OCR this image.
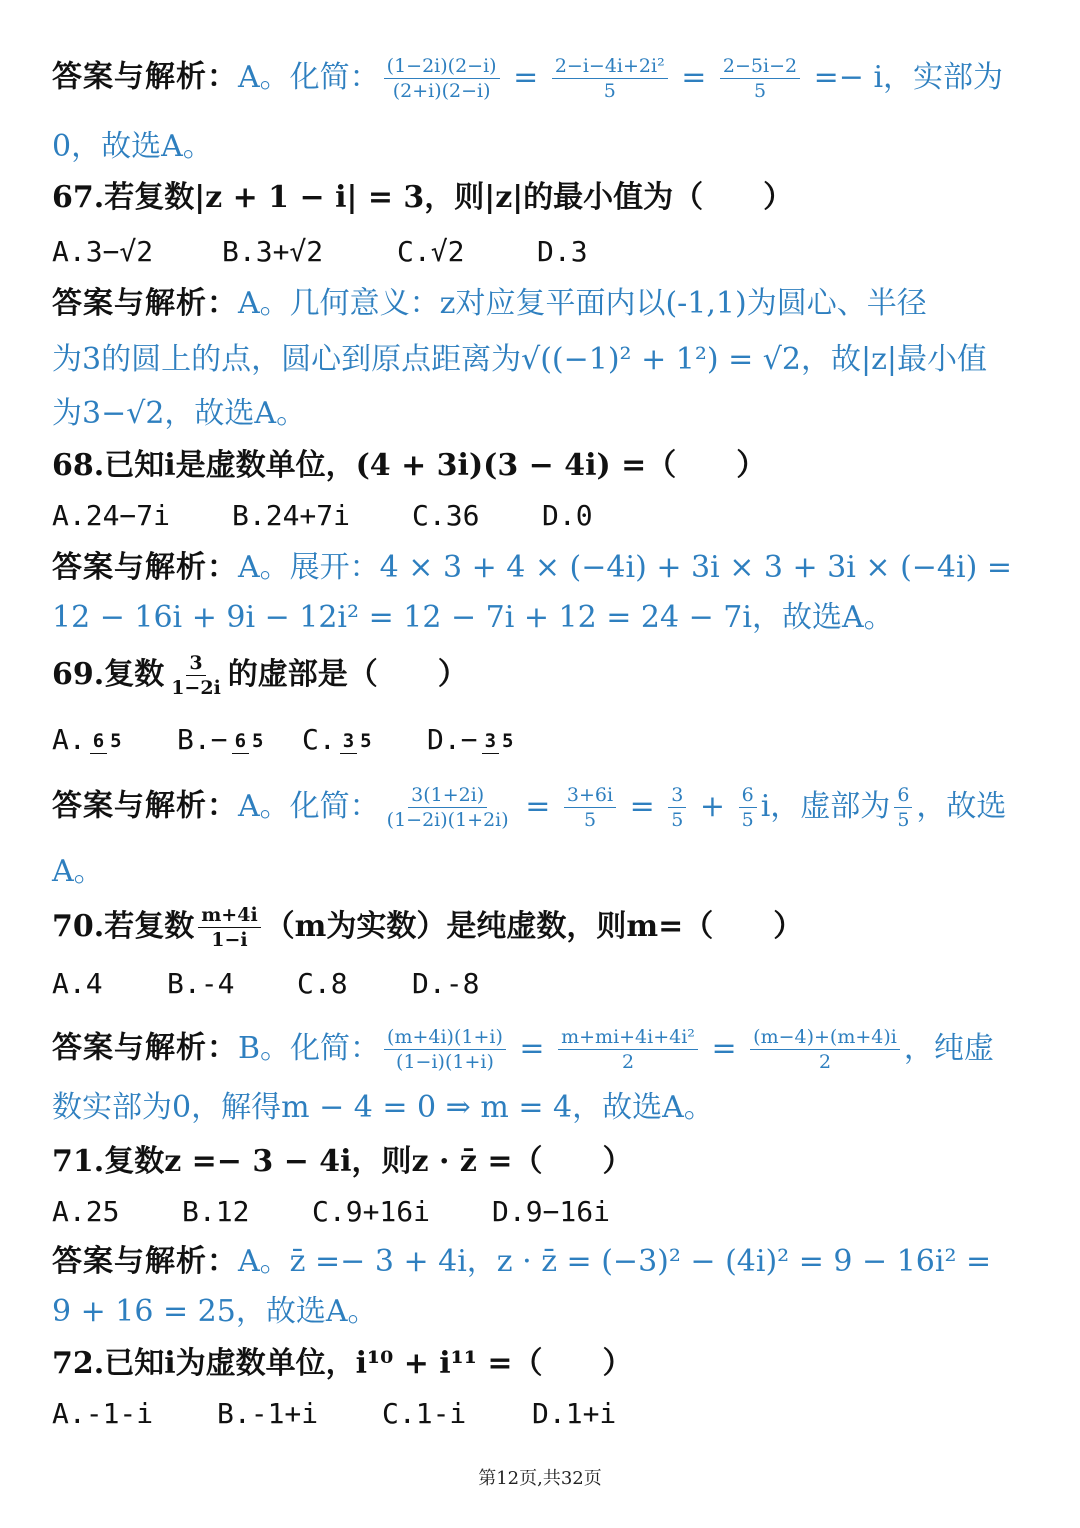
答案与解析：A。化简： $\frac{(1-2i)(2-i)}{(2+i)(2-i)} = \frac{\text{2−i−4i+2i²}}{5} = \frac{2-5i-2}{5} =- i$，实部为
0，故选A。
67.若复数|z + 1 − i| = 3，则|z|的最小值为（　　）
A.3−√2 B.3+√2	C.√2	D.3
答案与解析：A。几何意义：z对应复平面内以(-1,1)为圆心、半径
为3的圆上的点，圆心到原点距离为√((−1)² + 1²) = √2，故|z|最小值
为3−√2，故选A。
68.已知i是虚数单位，(4 + 3i)(3 − 4i) =（　　）
A.24−7i B.24+7i C.36 D.0
答案与解析：A。展开：4 × 3 + 4 × (−4i) + 3i × 3 + 3i × (−4i) =
12 − 16i + 9i − 12i² = 12 − 7i + 12 = 24 − 7i，故选A。
69.复数 $\frac{3}{1-2i}$ 的虚部是（　　）
A. 6 5 B.− 6 5 C. 3 5 D.− 3 5
答案与解析：A。化简： $\frac{3(1+2i)}{(1-2i)(1+2i)} = \frac{3+6i}{5} = \frac{3}{5} + \frac{6}{5}$ i，虚部为 $\frac{6}{5}$ ，故选
A。
70.若复数 $\frac{m+4i}{1-i} (m$为实数）是纯虚数，则m=（　　）
A.4 B.-4 C.8 D.-8
答案与解析：B。化简： $\frac{(m+4i)(1+i)}{(1-i)(1+i)} = \frac{\text{m+mi+4i+4i²}}{2} = \frac{(m-4)+(m+4)i}{2}$ ，纯虚
数实部为0，解得m − 4 = 0 ⇒ m = 4，故选A。
71.复数z =− 3 − 4i，则z · z̄ =（　　）
A.25 B.12 C.9+16i D.9−16i
答案与解析：A。z̄ =− 3 + 4i，z · z̄ = (−3)² − (4i)² = 9 − 16i² =
9 + 16 = 25，故选A。
72.已知i为虚数单位，i¹⁰ + i¹¹ =（　　）
A.-1-i B.-1+i C.1-i D.1+i
第12页,共32页
